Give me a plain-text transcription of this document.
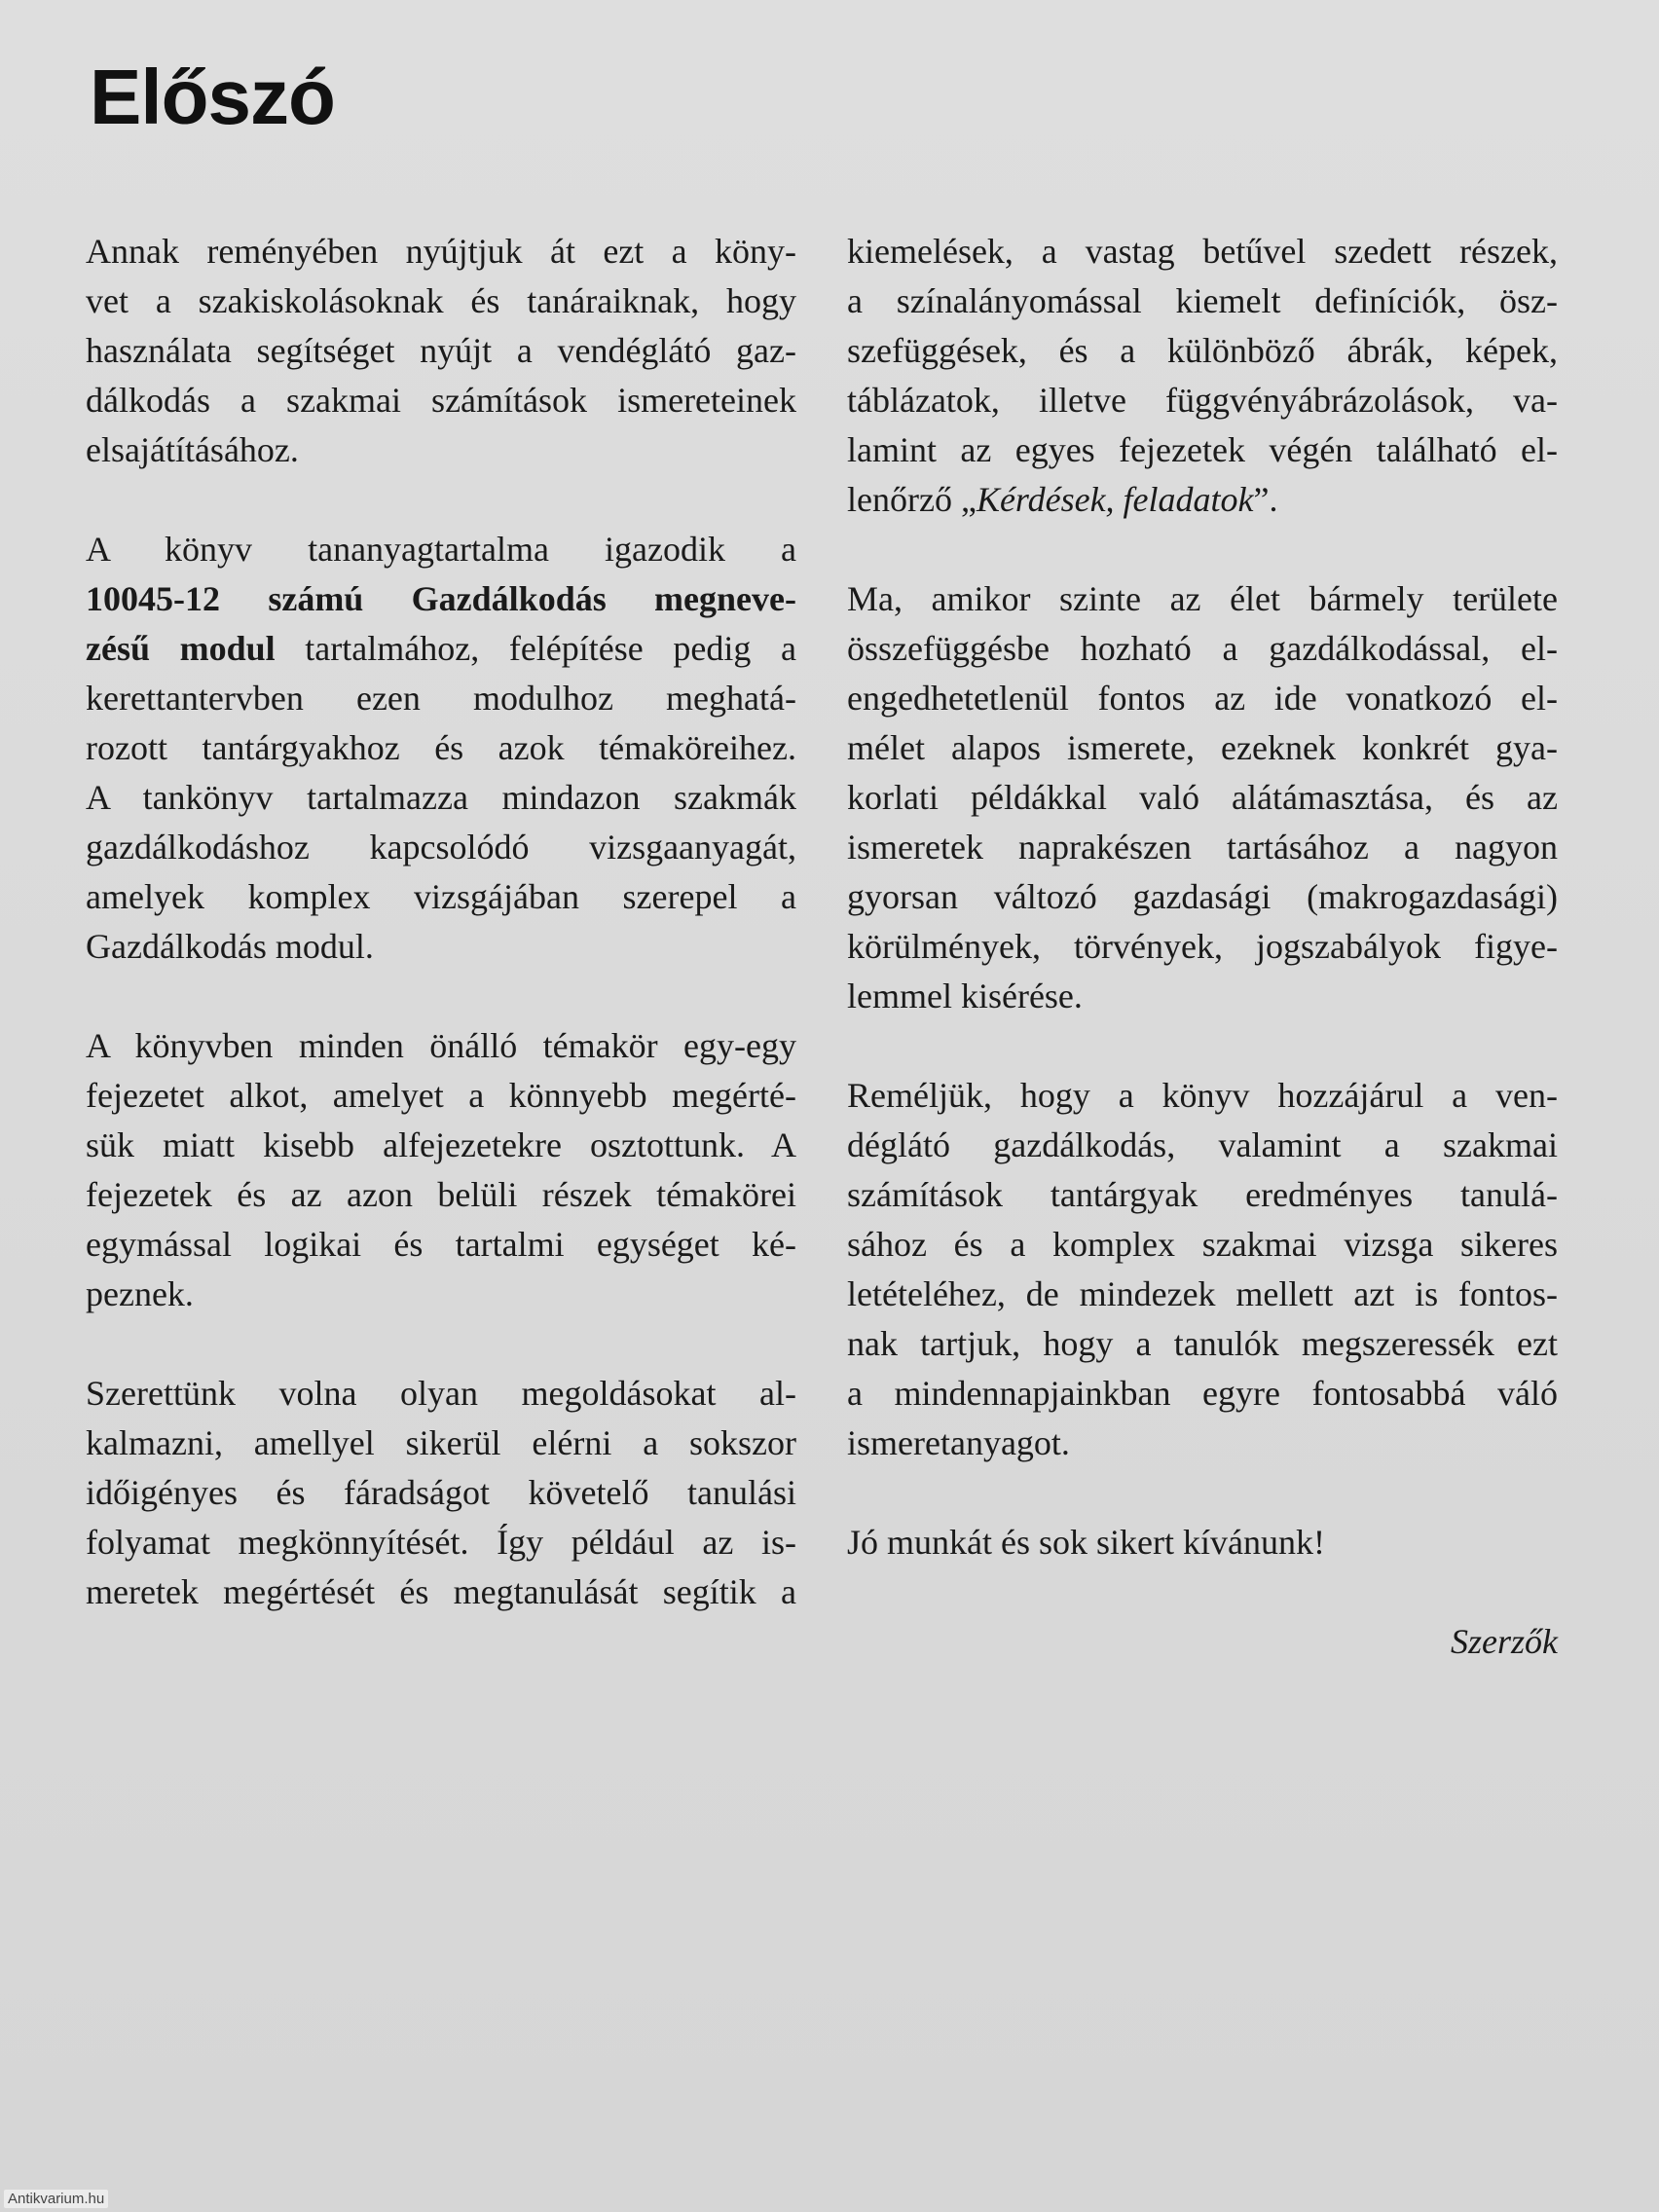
Előszó

Annak reményében nyújtjuk át ezt a köny-
vet a szakiskolásoknak és tanáraiknak, hogy
használata segítséget nyújt a vendéglátó gaz-
dálkodás a szakmai számítások ismereteinek
elsajátításához.

A könyv tananyagtartalma igazodik a
10045-12 számú Gazdálkodás megneve-
zésű modul tartalmához, felépítése pedig a
kerettantervben ezen modulhoz meghatá-
rozott tantárgyakhoz és azok témaköreihez.
A tankönyv tartalmazza mindazon szakmák
gazdálkodáshoz kapcsolódó vizsgaanyagát,
amelyek komplex vizsgájában szerepel a
Gazdálkodás modul.

A könyvben minden önálló témakör egy-egy
fejezetet alkot, amelyet a könnyebb megérté-
sük miatt kisebb alfejezetekre osztottunk. A
fejezetek és az azon belüli részek témakörei
egymással logikai és tartalmi egységet ké-
peznek.

Szerettünk volna olyan megoldásokat al-
kalmazni, amellyel sikerül elérni a sokszor
időigényes és fáradságot követelő tanulási
folyamat megkönnyítését. Így például az is-
meretek megértését és megtanulását segítik a

kiemelések, a vastag betűvel szedett részek,
a színalányomással kiemelt definíciók, ösz-
szefüggések, és a különböző ábrák, képek,
táblázatok, illetve függvényábrázolások, va-
lamint az egyes fejezetek végén található el-
lenőrző „Kérdések, feladatok”.

Ma, amikor szinte az élet bármely területe
összefüggésbe hozható a gazdálkodással, el-
engedhetetlenül fontos az ide vonatkozó el-
mélet alapos ismerete, ezeknek konkrét gya-
korlati példákkal való alátámasztása, és az
ismeretek naprakészen tartásához a nagyon
gyorsan változó gazdasági (makrogazdasági)
körülmények, törvények, jogszabályok figye-
lemmel kisérése.

Reméljük, hogy a könyv hozzájárul a ven-
déglátó gazdálkodás, valamint a szakmai
számítások tantárgyak eredményes tanulá-
sához és a komplex szakmai vizsga sikeres
letételéhez, de mindezek mellett azt is fontos-
nak tartjuk, hogy a tanulók megszeressék ezt
a mindennapjainkban egyre fontosabbá váló
ismeretanyagot.

Jó munkát és sok sikert kívánunk!

Szerzők

Antikvarium.hu
